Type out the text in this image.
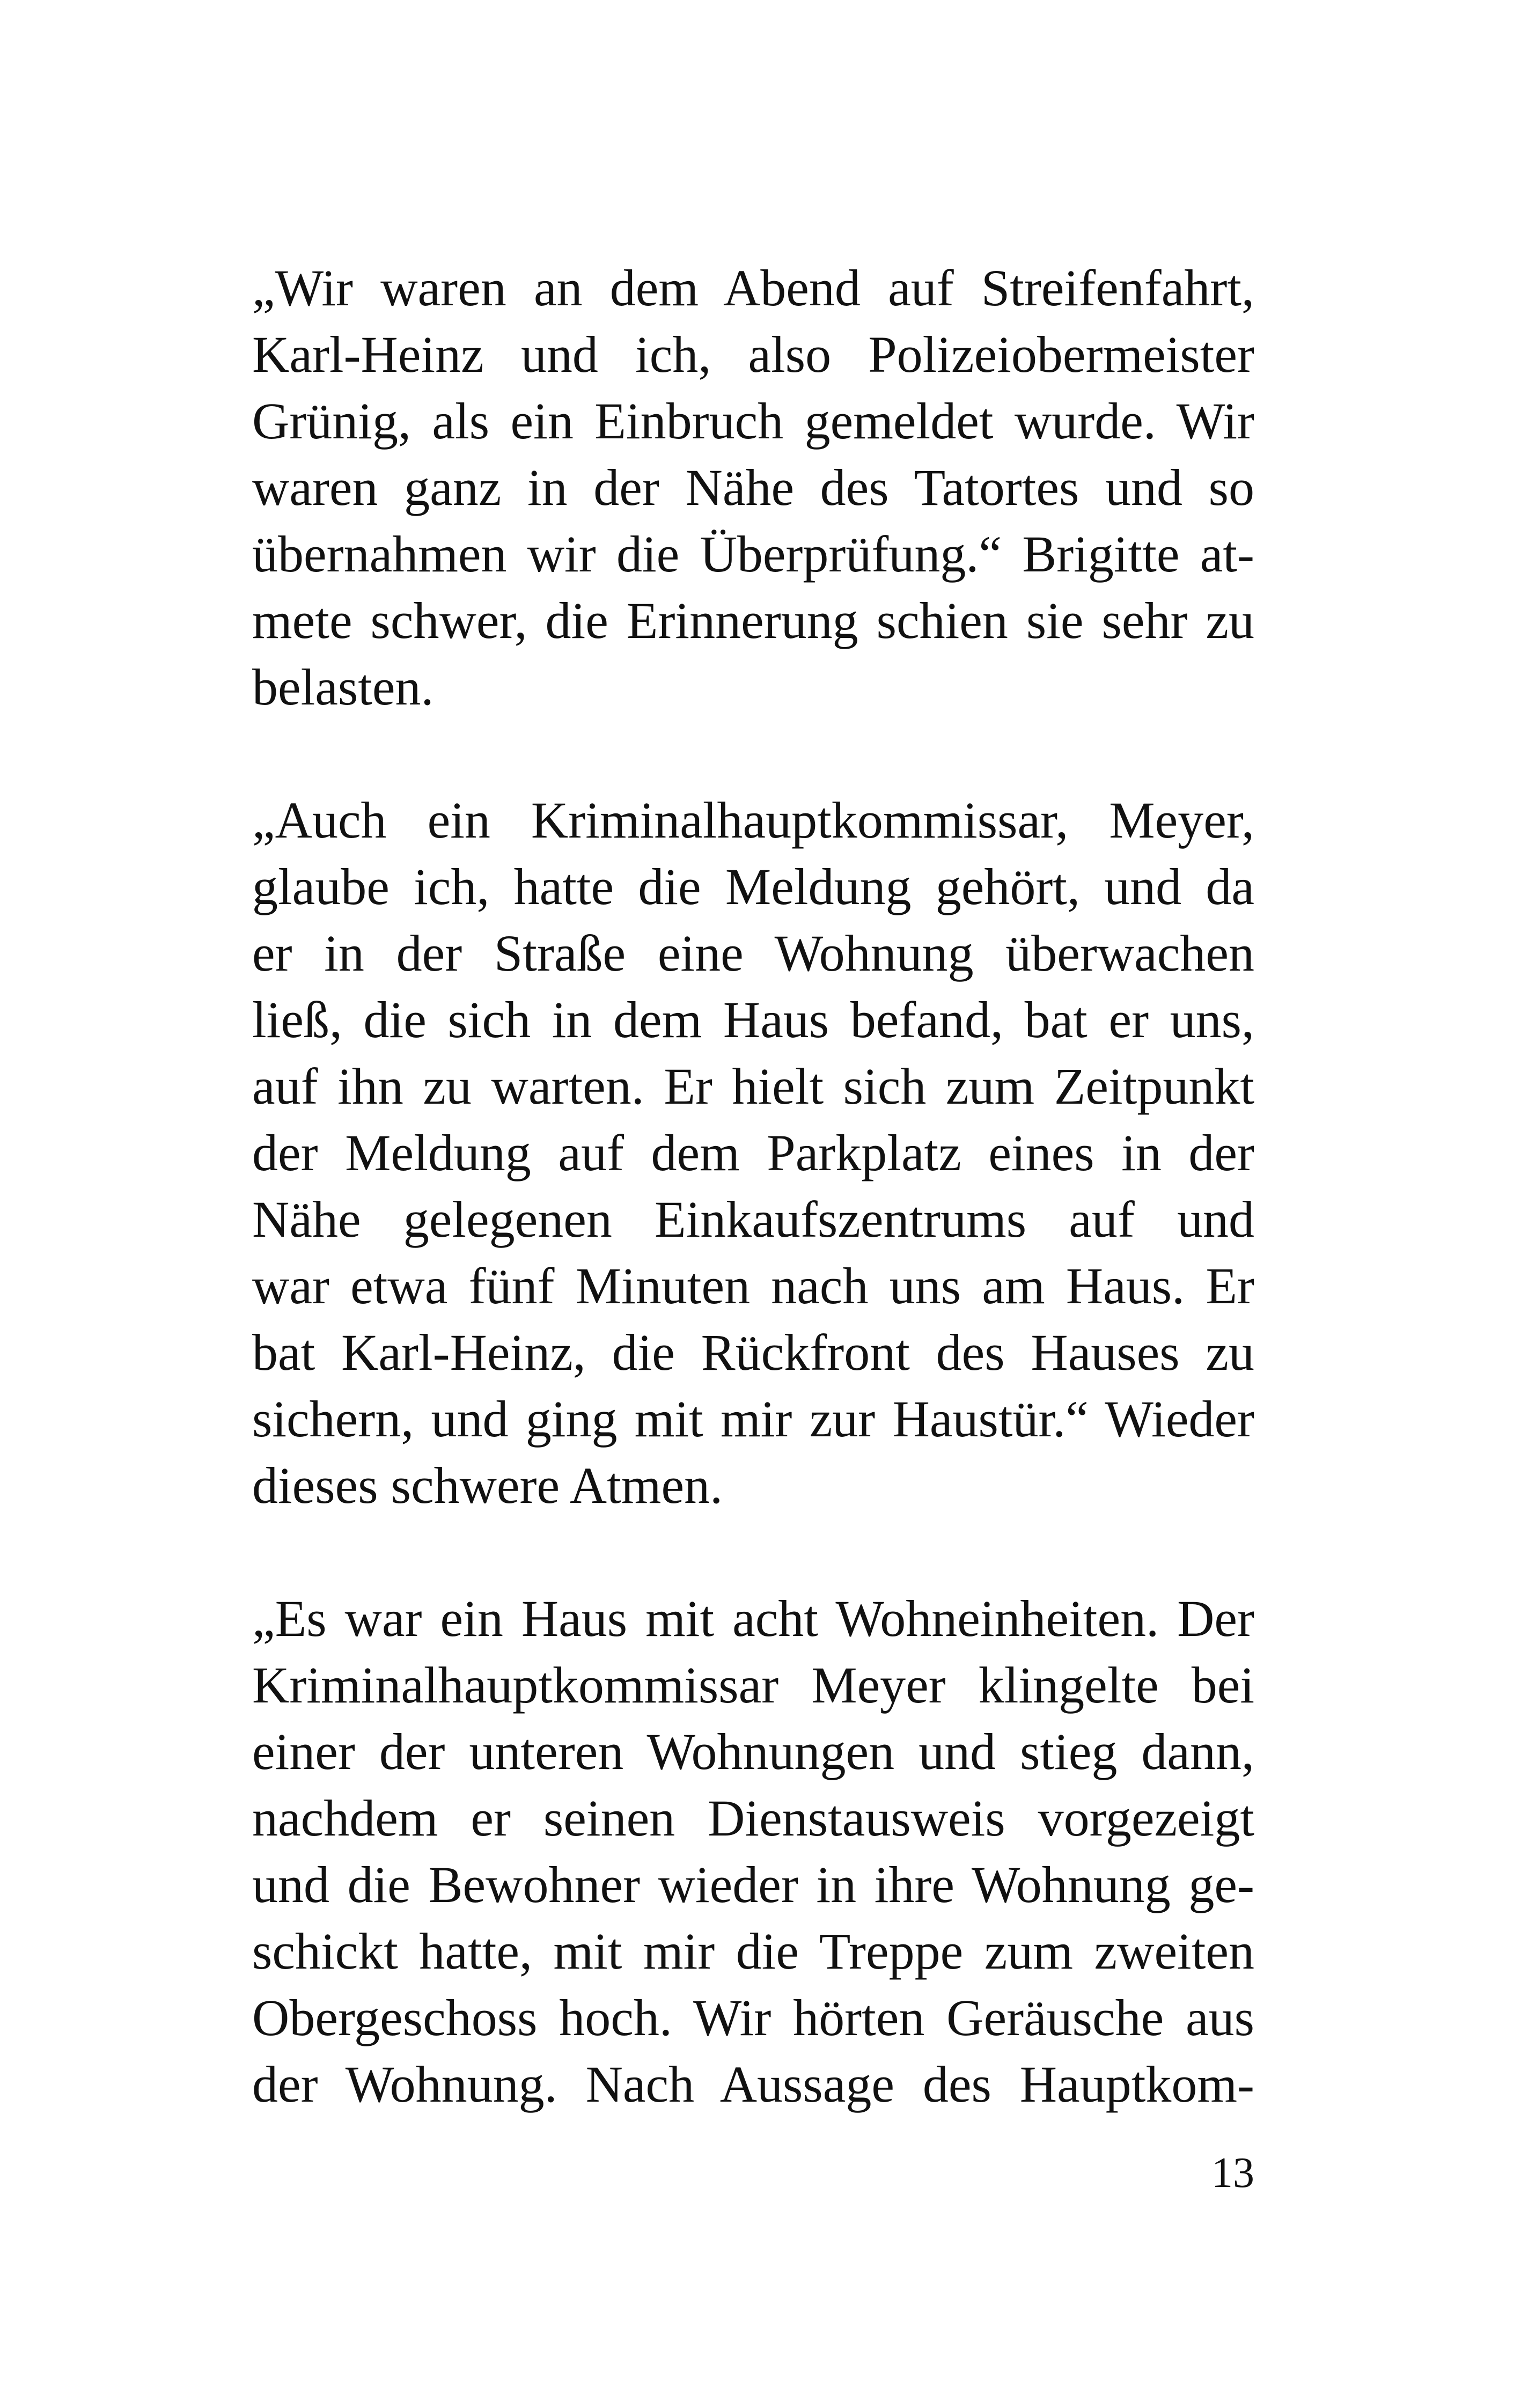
„Wir waren an dem Abend auf Streifenfahrt,
Karl-Heinz und ich, also Polizeiobermeister
Grünig, als ein Einbruch gemeldet wurde. Wir
waren ganz in der Nähe des Tatortes und so
übernahmen wir die Überprüfung.“ Brigitte at-
mete schwer, die Erinnerung schien sie sehr zu
belasten.
„Auch ein Kriminalhauptkommissar, Meyer,
glaube ich, hatte die Meldung gehört, und da
er in der Straße eine Wohnung überwachen
ließ, die sich in dem Haus befand, bat er uns,
auf ihn zu warten. Er hielt sich zum Zeitpunkt
der Meldung auf dem Parkplatz eines in der
Nähe gelegenen Einkaufszentrums auf und
war etwa fünf Minuten nach uns am Haus. Er
bat Karl-Heinz, die Rückfront des Hauses zu
sichern, und ging mit mir zur Haustür.“ Wieder
dieses schwere Atmen.
„Es war ein Haus mit acht Wohneinheiten. Der
Kriminalhauptkommissar Meyer klingelte bei
einer der unteren Wohnungen und stieg dann,
nachdem er seinen Dienstausweis vorgezeigt
und die Bewohner wieder in ihre Wohnung ge-
schickt hatte, mit mir die Treppe zum zweiten
Obergeschoss hoch. Wir hörten Geräusche aus
der Wohnung. Nach Aussage des Hauptkom-
13
